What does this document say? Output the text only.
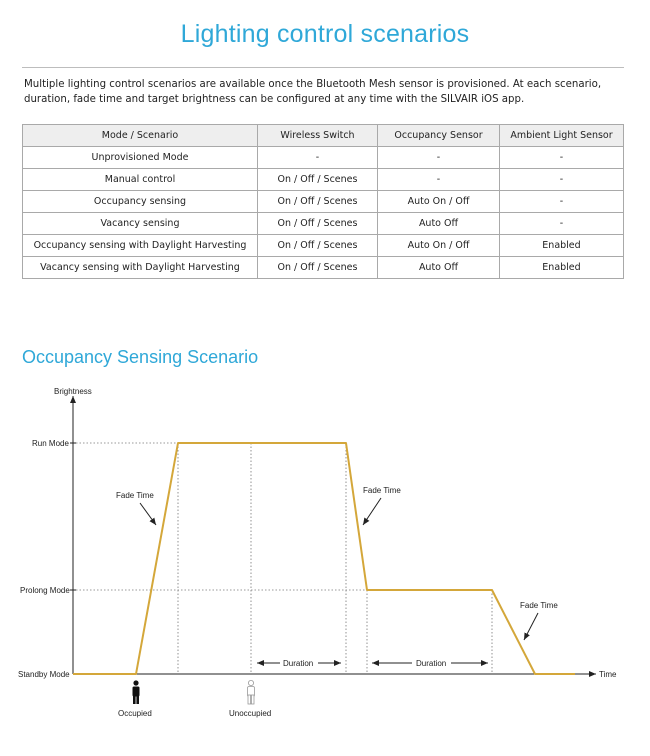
Lighting control scenarios
Multiple lighting control scenarios are available once the Bluetooth Mesh sensor is provisioned. At each scenario, duration, fade time and target brightness can be configured at any time with the SILVAIR iOS app.
Mode / Scenario	Wireless Switch	Occupancy Sensor	Ambient Light Sensor
Unprovisioned Mode	-	-	-
Manual control	On / Off / Scenes	-	-
Occupancy sensing	On / Off / Scenes	Auto On / Off	-
Vacancy sensing	On / Off / Scenes	Auto Off	-
Occupancy sensing with Daylight Harvesting	On / Off / Scenes	Auto On / Off	Enabled
Vacancy sensing with Daylight Harvesting	On / Off / Scenes	Auto Off	Enabled
Occupancy Sensing Scenario
Brightness
Time
Run Mode
Prolong Mode
Standby Mode
Fade Time
Fade Time
Fade Time
Duration	Duration
Occupied	Unoccupied
